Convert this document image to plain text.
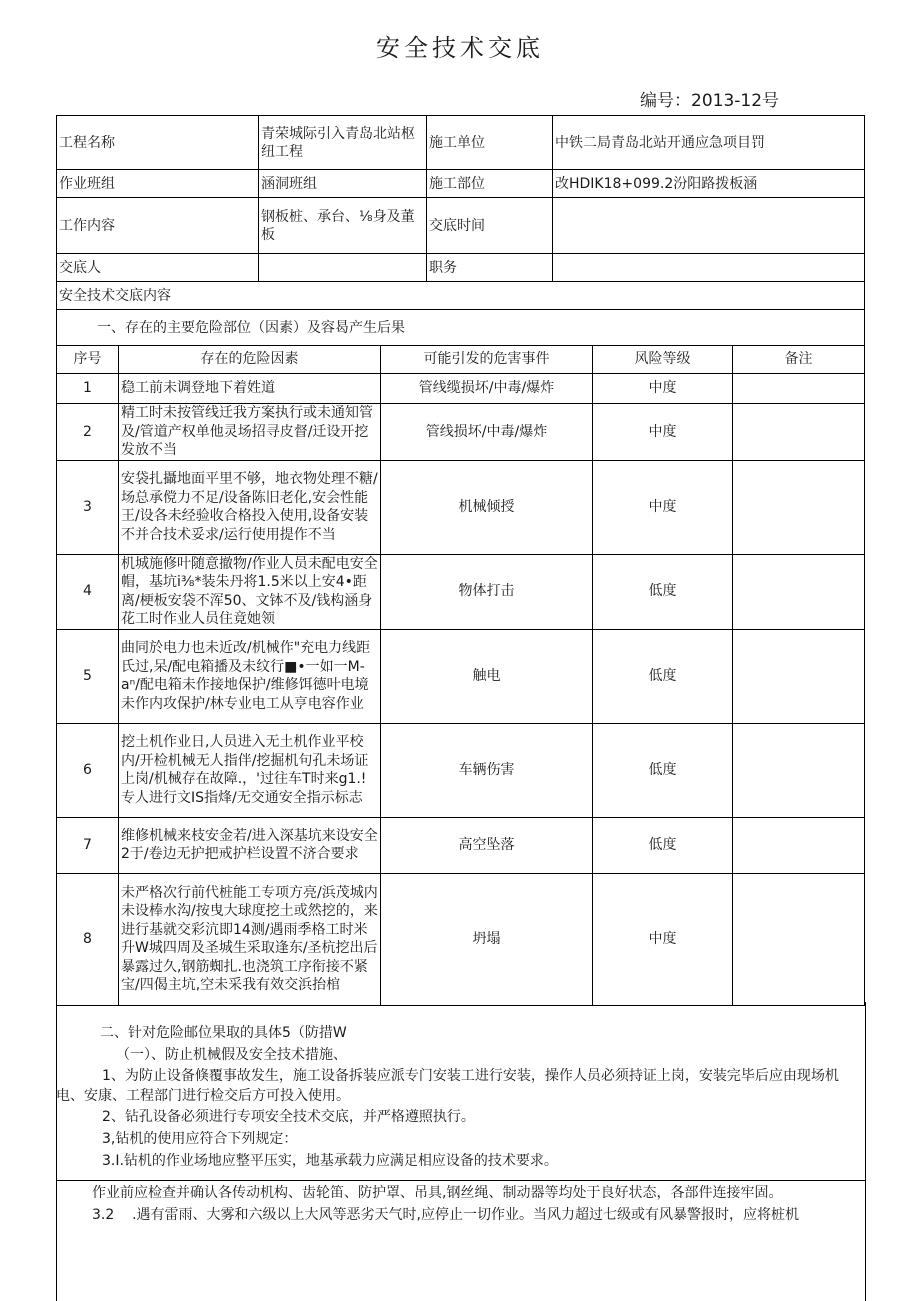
安全技术交底
编号：2013-12号
工程名称	青荣城际引入青岛北站枢纽工程	施工单位	中铁二局青岛北站开通应急项目罚
作业班组	涵洞班组	施工部位	改HDIK18+099.2汾阳路拨板涵
工作内容	钢板桩、承台、⅛身及董板	交底时间	
交底人		职务	
安全技术交底内容			
一、存在的主要危险部位（因素）及容曷产生后果			
序号	存在的危险因素	可能引发的危害事件	风险等级	备注
1	稳工前未调登地下着姓道	管线缆损坏/中毒/爆炸	中度	
2	精工时未按管线迁我方案执行或未通知管及/管道产权单他灵场招寻皮督/迁设开挖发放不当	管线损坏/中毒/爆炸	中度	
3	安袋扎攝地面平里不够，地衣物处理不糖/场总承傥力不足/设备陈旧老化,安会性能王/设各未经验收合格投入使用,设备安装不并合技术妥求/运行使用提作不当	机械倾授	中度	
4	机城施修叶随意撤物/作业人员未配电安全帽，基坑i⅜*装朱丹将1.5米以上安4•距离/梗板安袋不浑50、文钵不及/钱构涵身花工时作业人员住竟她领	物体打击	低度	
5	曲同於电力也未近改/机械作"充电力线距氏过,呆/配电箱播及未纹行■•一如一M-aⁿ/配电箱未作接地保护/维修饵德叶电境未作内攻保护/林专业电工从亨电容作业	触电	低度	
6	挖土机作业日,人员进入无土机作业平校内/开检机械无人指伴/挖掘机句孔未场证上岗/机械存在故障.，'过往车T时来g1.!专人进行文IS指烽/无交通安全指示标志	车辆伤害	低度	
7	维修机械来枝安金若/进入深基坑来设安全2于/卷边无护把戒护栏设置不济合要求	高空坠落	低度	
8	未严格次行前代桩能工专项方亮/浜茂城内未设棒水沟/按曳大球度挖土或然挖的，来进行基就交彩沆即14测/遇雨季格工时米升W城四周及圣城生采取逢东/圣杭挖出后暴露过久,钢筋蜘扎.也浇筑工序衔接不紧宝/四偈主坑,空未采我有效交浜抬棺	坍塌	中度	

二、针对危险邮位果取的具体5（防措W

（一）、防止机械假及安全技术措施、

1、为防止设备倏覆事故发生，施工设备拆装应派专门安装工进行安装，操作人员必须持证上岗，安装完毕后应由现场机电、安康、工程部门进行检交后方可投入使用。

2、钻孔设备必须进行专项安全技术交底，并严格遵照执行。

3,钻机的使用应符合下列规定：

3.I.钻机的作业场地应整平压实，地基承载力应满足相应设备的技术要求。

作业前应检查并确认各传动机构、齿轮笛、防护罩、吊具,钢丝绳、制动器等均处于良好状态，各部件连接牢固。

3.2 .遇有雷雨、大雾和六级以上大风等恶劣天气时,应停止一切作业。当风力超过七级或有风暴警报时，应将桩机
